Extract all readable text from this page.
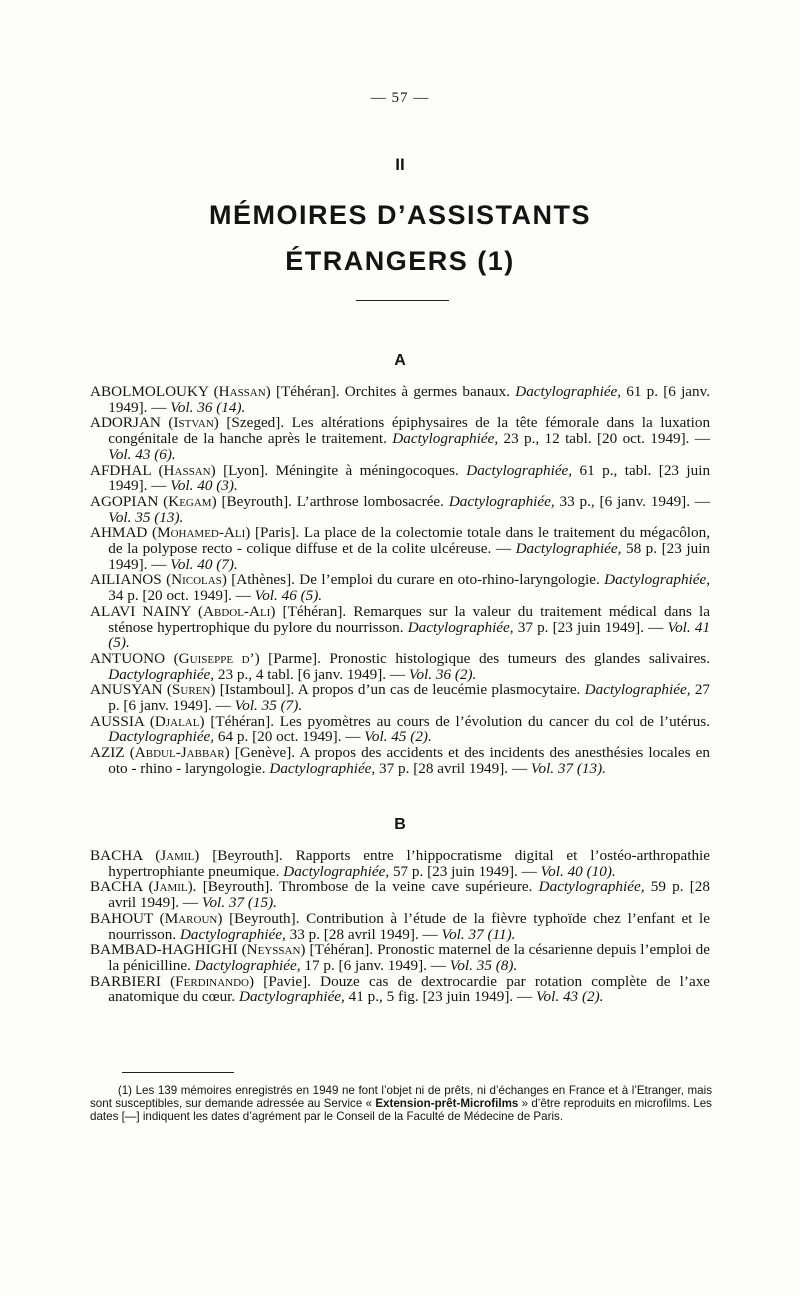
— 57 —
II
MÉMOIRES D’ASSISTANTS
ÉTRANGERS (1)
A

ABOLMOLOUKY (Hassan) [Téhéran]. Orchites à germes banaux. Dactylographiée, 61 p. [6 janv. 1949]. — Vol. 36 (14).

ADORJAN (Istvan) [Szeged]. Les altérations épiphysaires de la tête fémorale dans la luxation congénitale de la hanche après le traitement. Dactylographiée, 23 p., 12 tabl. [20 oct. 1949]. — Vol. 43 (6).

AFDHAL (Hassan) [Lyon]. Méningite à méningocoques. Dactylographiée, 61 p., tabl. [23 juin 1949]. — Vol. 40 (3).

AGOPIAN (Kegam) [Beyrouth]. L’arthrose lombosacrée. Dactylographiée, 33 p., [6 janv. 1949]. — Vol. 35 (13).

AHMAD (Mohamed-Ali) [Paris]. La place de la colectomie totale dans le traitement du mégacôlon, de la polypose recto - colique diffuse et de la colite ulcéreuse. — Dactylographiée, 58 p. [23 juin 1949]. — Vol. 40 (7).

AILIANOS (Nicolas) [Athènes]. De l’emploi du curare en oto-rhino-laryngologie. Dactylographiée, 34 p. [20 oct. 1949]. — Vol. 46 (5).

ALAVI NAINY (Abdol-Ali) [Téhéran]. Remarques sur la valeur du traitement médical dans la sténose hypertrophique du pylore du nourrisson. Dactylographiée, 37 p. [23 juin 1949]. — Vol. 41 (5).

ANTUONO (Guiseppe d’) [Parme]. Pronostic histologique des tumeurs des glandes salivaires. Dactylographiée, 23 p., 4 tabl. [6 janv. 1949]. — Vol. 36 (2).

ANUSYAN (Suren) [Istamboul]. A propos d’un cas de leucémie plasmocytaire. Dactylographiée, 27 p. [6 janv. 1949]. — Vol. 35 (7).

AUSSIA (Djalal) [Téhéran]. Les pyomètres au cours de l’évolution du cancer du col de l’utérus. Dactylographiée, 64 p. [20 oct. 1949]. — Vol. 45 (2).

AZIZ (Abdul-Jabbar) [Genève]. A propos des accidents et des incidents des anesthésies locales en oto - rhino - laryngologie. Dactylographiée, 37 p. [28 avril 1949]. — Vol. 37 (13).

B

BACHA (Jamil) [Beyrouth]. Rapports entre l’hippocratisme digital et l’ostéo-arthropathie hypertrophiante pneumique. Dactylographiée, 57 p. [23 juin 1949]. — Vol. 40 (10).

BACHA (Jamil). [Beyrouth]. Thrombose de la veine cave supérieure. Dactylographiée, 59 p. [28 avril 1949]. — Vol. 37 (15).

BAHOUT (Maroun) [Beyrouth]. Contribution à l’étude de la fièvre typhoïde chez l’enfant et le nourrisson. Dactylographiée, 33 p. [28 avril 1949]. — Vol. 37 (11).

BAMBAD-HAGHIGHI (Neyssan) [Téhéran]. Pronostic maternel de la césarienne depuis l’emploi de la pénicilline. Dactylographiée, 17 p. [6 janv. 1949]. — Vol. 35 (8).

BARBIERI (Ferdinando) [Pavie]. Douze cas de dextrocardie par rotation complète de l’axe anatomique du cœur. Dactylographiée, 41 p., 5 fig. [23 juin 1949]. — Vol. 43 (2).

(1) Les 139 mémoires enregistrés en 1949 ne font l’objet ni de prêts, ni d’échanges en France et à l’Etranger, mais sont susceptibles, sur demande adressée au Service « Extension-prêt-Microfilms » d’être reproduits en microfilms. Les dates [—] indiquent les dates d’agrément par le Conseil de la Faculté de Médecine de Paris.
